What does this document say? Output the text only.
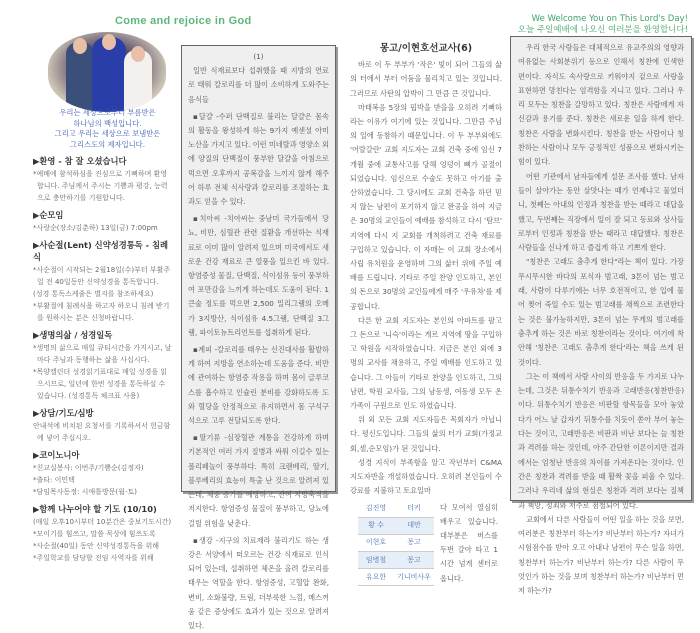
Come and rejoice in God
우리는 세상으로부터 부름받은
하나님의 백성입니다.
그리고 우리는 세상으로 보냄받은
그리스도의 제자입니다.
▶환영 - 참 잘 오셨습니다

*예배에 참석하심을 진심으로 기뻐하며 환영합니다. 주님께서 주시는 기쁨과 평강, 능력으로 충만하기를 기원합니다.

▶순모임

*사랑순(장소/김춘하) 13일(금) 7:00pm

▶사순절(Lent) 신약성경통독 - 침례식

*사순절이 시작되는 2월18일(수)부터 부활주일 전 40일동안 신약성경을 통독합니다.

(성경 통독스케줄은 별지를 참조하세요)

*부활절에 침례식을 하고자 하오니 침례 받기를 원하시는 분은 신청바랍니다.

▶생명의삶 / 성경일독

*생명의 삶으로 매일 큐티시간을 가지시고, 날마다 주님과 동행하는 삶을 사십시다.

*목양캘린더 성경읽기표대로 매일 성경을 읽으시므로, 일년에 한번 성경을 통독하실 수 있습니다. (성경통독 체크표 사용)

▶상담/기도/심방

안내석에 비치된 요청서를 기록하셔서 헌금함에 넣어 주십시오.

▶코이노니아

*친교실봉사: 이번주/기쁨순(김정자)

*출타: 이민택

*담임목사동정: 시애틀방문(월-토)

▶함께 나누어야 할 기도 (10/10)

(매일 오후10시부터 10분간은 중보기도시간)

*모이기를 힘쓰고, 말씀 묵상에 힘쓰도록

*사순절(40일) 동안 신약성경통독을 위해

*주일학교를 담당할 전임 사역자를 위해

(1)

일반 식재료보다 섭취했을 때 지방의 연료로 태워 칼로리를 더 많이 소비하게 도와주는 음식들

▪달걀 -수퍼 단백질로 불리는 달걀은 몸속의 활동을 왕성하게 하는 9가지 예센셜 아미노산을 가지고 있다. 이런 미네랄과 영양소 외에 양질의 단백질이 풍부한 달걀을 아침으로 먹으면 오후까지 공복감을 느끼지 않게 해주어 하루 전체 식사량과 칼로리를 조절하는 효과도 얻을 수 있다.

▪치아씨 -치아씨는 중남미 국가들에서 당뇨, 비만, 심혈관 관련 질환을 개선하는 식재료로 이미 많이 알려져 있으며 미국에서도 새로운 건강 재료로 큰 열풍을 일으킨 바 있다. 항염증성 물질, 단백질, 식이섬유 등이 풍부하여 포만감을 느끼게 하는데도 도움이 된다. 1큰술 정도를 먹으면 2,500 밀리그램의 오메가 3지방산, 식이섬유 4.5그램, 단백질 3그램, 파이토뉴트리언트를 섭취하게 된다.

▪계피 -칼로리를 태우는 신진대사를 활발하게 하여 지방을 연소하는데 도움을 준다. 비만에 관여하는 항염증 작용을 하며 몸이 글루코스를 흡수하고 인슐린 분비를 강화하도록 도와 혈당을 안정적으로 유지하면서 몸 구석구석으로 고루 전달되도록 한다.

▪딸기류 -심장혈관 계통을 건강하게 하며 기본적인 여러 가지 질병과 싸워 이길수 있는 폴리페놀이 풍부하다. 특히 크랜베리, 딸기, 블루베리의 효능이 특출 난 것으로 알려져 있는데, 체중 증가를 예방하고, 잔여 지방축적을 저지한다. 항염증성 물질이 풍부하고, 당뇨에 걸릴 위험을 낮춘다.

▪생강 -지구의 치료제라 불리기도 하는 생강은 서양에서 떠오르는 건강 식재료로 인식되어 있는데, 섭취하면 체온을 올려 칼로리를 태우는 역할을 한다. 항염증성, 고혈압 완화, 변비, 소화불량, 트림, 더부룩한 느낌, 메스꺼움 같은 증상에도 효과가 있는 것으로 알려져 있다.

몽고/이현호선교사(6)

바로 이 두 부부가 '작은' 빛이 되어 그들의 삶의 터에서 부터 어둠을 물리치고 있는 것입니다. 그러므로 사탄의 압박이 그 만큼 큰 것입니다.

마태복음 5장의 핍박을 받을을 오히려 기뻐하라는 이유가 여기에 있는 것입니다. 그만큼 주님의 일에 동참하기 때문입니다. 이 두 부부외에도 '어랄갈란' 교회 지도자는 교회 건축 중에 임신 7개월 중에 교통사고를 당해 엉덩이 뼈가 골절이 되었습니다. 임신으로 수술도 못하고 아기를 출산하였습니다. 그 당시에도 교회 건축을 하던 믿지 않는 남편이 포기하지 않고 완공을 하여 지금은 30명의 교인들이 예배를 참석하고 다시 '탐브' 지역에 다시 지 교회를 개척하려고 건축 재료를 구입하고 있습니다. 이 자매는 이 교회 장소에서 사립 유치원을 운영하며 그의 삶터 위에 주일 예배를 드립니다. 기타로 주일 찬양 인도하고, 본인의 돈으로 30명의 교인들에게 매주 '우유차'를 제공합니다.

다른 한 교회 지도자는 본인의 아파트를 팔고 그 돈으로 '니슥'이라는 게르 지역에 땅을 구입하고 학원을 시작하였습니다. 지금은 본인 외에 3명의 교사를 채용하고, 주일 예배를 인도하고 있습니다. 그 아들이 기타로 찬양을 인도하고, 그의 남편, 학원 교사들, 그의 남동생, 여동생 모두 온 가족이 구원으로 인도 하였습니다.

위 외 모든 교회 지도자들은 목회자가 아닙니다. 평신도입니다. 그들의 삶의 터가 교회(가정교회,셀,순모임)가 된 것입니다.

성경 지식이 부족함을 알고 작년부터 C&MA 지도자반을 개설하였습니다. 오히려 본인들이 수강료를 지불하고 토요일마

김진영	터키
황 수	대만
이현호	몽고
임병철	몽고
유요한	기니비사우
다 모여서 열심히 배우고 있습니다. 대부분은 버스를 두번 갈아 타고 1시간 넘게 센터로 옵니다.
We Welcome You on This Lord's Day!
오늘 주일예배에 나오신 여러분을 환영합니다!

우리 한국 사람들은 대체적으로 유교주의의 영향과 여유없는 사회분위기 등으로 인해서 칭찬에 인색한 편이다. 자식도 속사랑으로 키워야지 겉으로 사랑을 표현하면 망친다는 엄격함을 지니고 있다. 그러나 우리 모두는 칭찬을 갈망하고 있다. 칭찬은 사람에게 자신감과 용기를 준다. 칭찬은 새로운 일을 하게 한다. 칭찬은 사람을 변화시킨다. 칭찬을 받는 사람이나 칭찬하는 사람이나 모두 긍정적인 성품으로 변화시키는 힘이 있다.

어떤 기관에서 남자들에게 설문 조사를 했다. 남자들이 살아가는 동안 살맛나는 때가 언제냐고 물었더니, 첫째는 아내의 인정과 칭찬을 받는 때라고 대답을 했고, 두번째는 직장에서 일이 잘 되고 동료와 상사들로부터 인정과 칭찬을 받는 때라고 대답했다. 칭찬은 사람들을 신나게 하고 즐겁게 하고 기쁘게 한다.

"칭찬은 고래도 춤추게 한다"라는 책이 있다. 가장 무시무시한 바다의 포식자 범고래, 3톤이 넘는 범고래, 사람이 다루기에는 너무 호전적이고, 한 입에 물어 찢어 죽일 수도 있는 범고래를 채찍으로 조련한다는 것은 불가능하지만, 3톤이 넘는 무게의 범고래를 춤추게 하는 것은 바로 칭찬이라는 것이다. 여기에 착안해 '칭찬은 고래도 춤추게 한다'라는 책을 쓰게 된 것이다.

그는 이 책에서 사람 사이의 반응을 두 가지로 나누는데, 그것은 뒤통수치기 반응과 고래반응(칭찬반응)이다. 뒤통수치기 반응은 비판할 항목들을 모아 놓았다가 어느 날 갑자기 뒤통수를 치듯이 쏟아 부어 놓는다는 것이고, 고래반응은 비판과 비난 보다는 늘 칭찬과 격려를 하는 것인데, 아주 간단한 이론이지만 결과에서는 엄청난 반응의 차이를 가져온다는 것이다. 인간은 칭찬과 격려를 받을 때 활짝 꽃을 피울 수 있다. 그러나 우리네 삶의 현실은 칭찬과 격려 보다는 질책과 책망, 정죄와 저주로 점철되어 있다.

교회에서 다른 사람들이 어떤 일을 하는 것을 보면, 여러분은 칭찬부터 하는가? 비난부터 하는가? 자녀가 시험점수를 받아 오고 아내나 남편이 무슨 일을 하면, 칭찬부터 하는가? 비난부터 하는가? 다른 사람이 무엇인가 하는 것을 보며 칭찬부터 하는가? 비난부터 먼저 하는가?
